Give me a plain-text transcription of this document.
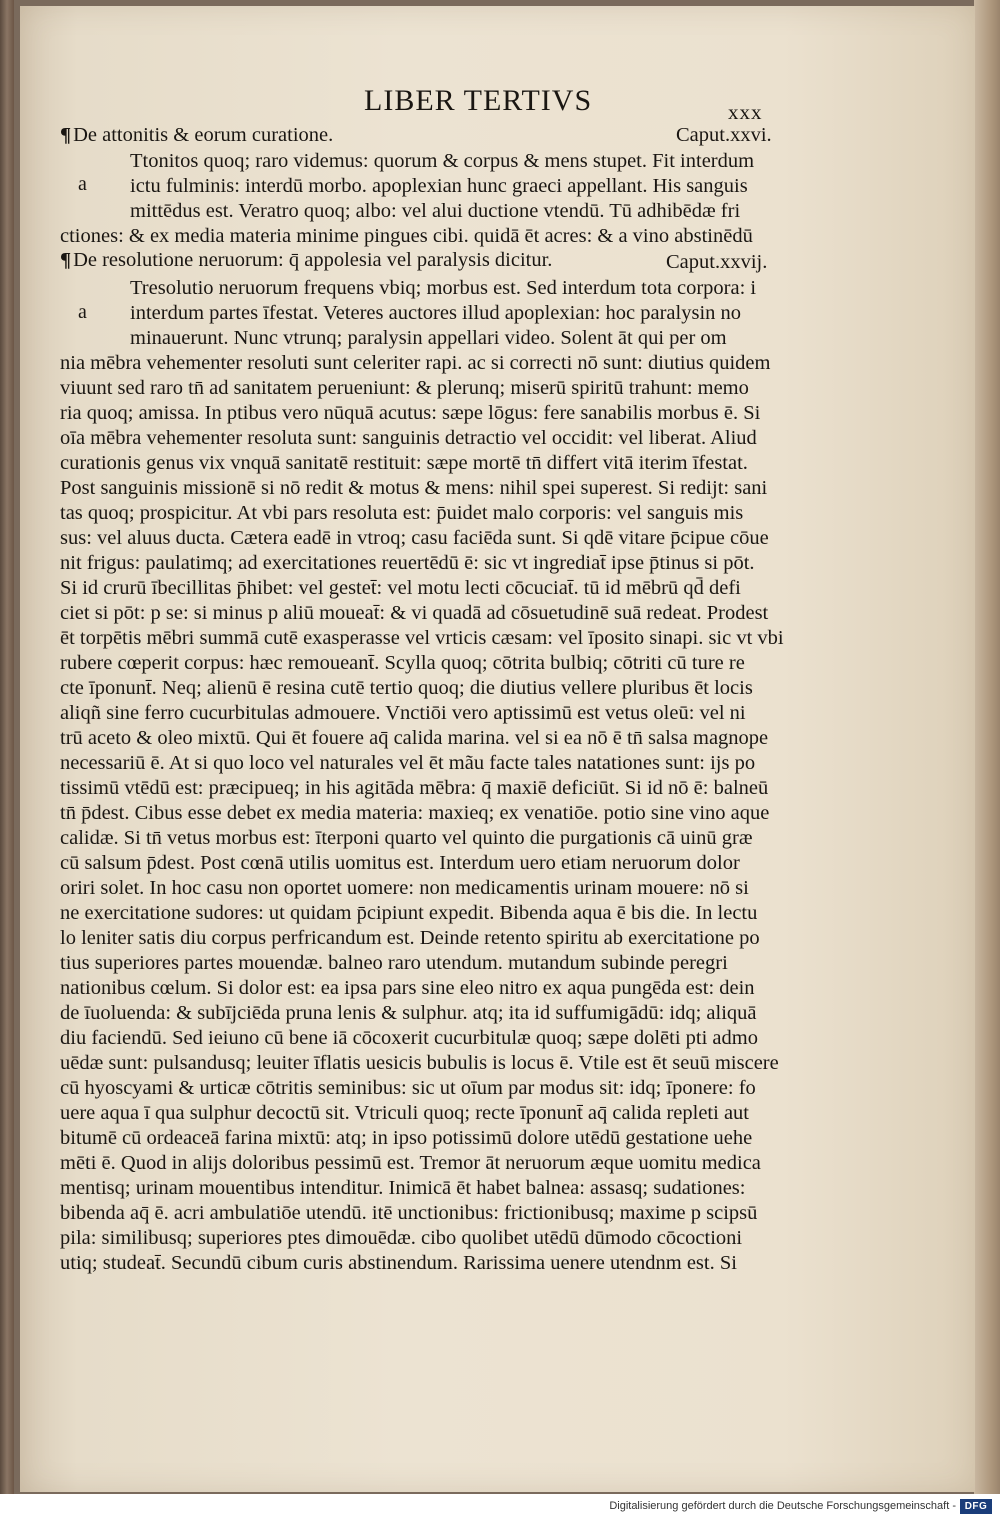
LIBER TERTIVS	xxx
¶De attonitis & eorum curatione.	Caput.xxvi.
a
Ttonitos quoq; raro videmus: quorum & corpus & mens stupet. Fit interdum
ictu fulminis: interdū morbo. apoplexian hunc graeci appellant. His sanguis
mittēdus est. Veratro quoq; albo: vel alui ductione vtendū. Tū adhibēdæ fri
ctiones: & ex media materia minime pingues cibi. quidā ēt acres: & a vino abstinēdū
¶De resolutione neruorum: q̄ appolesia vel paralysis dicitur.	Caput.xxvij.
a
Tresolutio neruorum frequens vbiq; morbus est. Sed interdum tota corpora: i
interdum partes īfestat. Veteres auctores illud apoplexian: hoc paralysin no
minauerunt. Nunc vtrunq; paralysin appellari video. Solent āt qui per om
nia mēbra vehementer resoluti sunt celeriter rapi. ac si correcti nō sunt: diutius quidem
viuunt sed raro tn̄ ad sanitatem perueniunt: & plerunq; miserū spiritū trahunt: memo
ria quoq; amissa. In ptibus vero nūquā acutus: sæpe lōgus: fere sanabilis morbus ē. Si
oīa mēbra vehementer resoluta sunt: sanguinis detractio vel occidit: vel liberat. Aliud
curationis genus vix vnquā sanitatē restituit: sæpe mortē tn̄ differt vitā iterim īfestat.
Post sanguinis missionē si nō redit & motus & mens: nihil spei superest. Si redijt: sani
tas quoq; prospicitur. At vbi pars resoluta est: p̄uidet malo corporis: vel sanguis mis
sus: vel aluus ducta. Cætera eadē in vtroq; casu faciēda sunt. Si qdē vitare p̄cipue cōue
nit frigus: paulatimq; ad exercitationes reuertēdū ē: sic vt ingrediat̄ ipse p̄tinus si pōt.
Si id crurū ībecillitas p̄hibet: vel gestet̄: vel motu lecti cōcuciat̄. tū id mēbrū qd̄ defi
ciet si pōt: p se: si minus p aliū moueat̄: & vi quadā ad cōsuetudinē suā redeat. Prodest
ēt torpētis mēbri summā cutē exasperasse vel vrticis cæsam: vel īposito sinapi. sic vt vbi
rubere cœperit corpus: hæc remoueant̄. Scylla quoq; cōtrita bulbiq; cōtriti cū ture re
cte īponunt̄. Neq; alienū ē resina cutē tertio quoq; die diutius vellere pluribus ēt locis
aliqñ sine ferro cucurbitulas admouere. Vnctiōi vero aptissimū est vetus oleū: vel ni
trū aceto & oleo mixtū. Qui ēt fouere aq̄ calida marina. vel si ea nō ē tn̄ salsa magnope
necessariū ē. At si quo loco vel naturales vel ēt mãu facte tales natationes sunt: ijs po
tissimū vtēdū est: præcipueq; in his agitāda mēbra: q̄ maxiē deficiūt. Si id nō ē: balneū
tn̄ p̄dest. Cibus esse debet ex media materia: maxieq; ex venatiōe. potio sine vino aque
calidæ. Si tn̄ vetus morbus est: īterponi quarto vel quinto die purgationis cā uinū græ
cū salsum p̄dest. Post cœnā utilis uomitus est. Interdum uero etiam neruorum dolor
oriri solet. In hoc casu non oportet uomere: non medicamentis urinam mouere: nō si
ne exercitatione sudores: ut quidam p̄cipiunt expedit. Bibenda aqua ē bis die. In lectu
lo leniter satis diu corpus perfricandum est. Deinde retento spiritu ab exercitatione po
tius superiores partes mouendæ. balneo raro utendum. mutandum subinde peregri
nationibus cœlum. Si dolor est: ea ipsa pars sine eleo nitro ex aqua pungēda est: dein
de īuoluenda: & subījciēda pruna lenis & sulphur. atq; ita id suffumigādū: idq; aliquā
diu faciendū. Sed ieiuno cū bene iā cōcoxerit cucurbitulæ quoq; sæpe dolēti pti admo
uēdæ sunt: pulsandusq; leuiter īflatis uesicis bubulis is locus ē. Vtile est ēt seuū miscere
cū hyoscyami & urticæ cōtritis seminibus: sic ut oīum par modus sit: idq; īponere: fo
uere aqua ī qua sulphur decoctū sit. Vtriculi quoq; recte īponunt̄ aq̄ calida repleti aut
bitumē cū ordeaceā farina mixtū: atq; in ipso potissimū dolore utēdū gestatione uehe
mēti ē. Quod in alijs doloribus pessimū est. Tremor āt neruorum æque uomitu medica
mentisq; urinam mouentibus intenditur. Inimicā ēt habet balnea: assasq; sudationes:
bibenda aq̄ ē. acri ambulatiōe utendū. itē unctionibus: frictionibusq; maxime p scipsū
pila: similibusq; superiores ptes dimouēdæ. cibo quolibet utēdū dūmodo cōcoctioni
utiq; studeat̄. Secundū cibum curis abstinendum. Rarissima uenere utendnm est. Si
Digitalisierung gefördert durch die Deutsche Forschungsgemeinschaft - DFG
